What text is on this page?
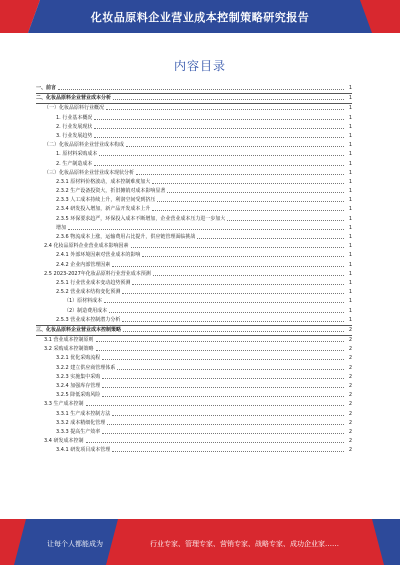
化妆品原料企业营业成本控制策略研究报告
内容目录
一、前言	1
二、化妆品原料企业营业成本分析	1
（一）化妆品原料行业概况	1
1. 行业基本概况	1
2. 行业发展现状	1
3. 行业发展趋势	1
（二）化妆品原料企业营业成本构成	1
1. 原材料采购成本	1
2. 生产制造成本	1
（三）化妆品原料企业营业成本现状分析	1
2.3.1 原材料价格波动，成本控制难度加大	1
2.3.2 生产设备投资大，折旧摊销对成本影响显著	1
2.3.3 人工成本持续上升，利润空间受到挤压	1
2.3.4 研发投入增加，新产品开发成本上升	1
2.3.5 环保要求趋严，环保投入成本不断增加，企业营业成本压力进一步加大	1
增加	1
2.3.6 物流成本上涨，运输费用占比提升，供应链管理面临挑战	1
2.4 化妆品原料企业营业成本影响因素	1
2.4.1 外部环境因素对营业成本的影响	1
2.4.2 企业内部管理因素	1
2.5 2023-2027年化妆品原料行业营业成本预测	1
2.5.1 行业营业成本变动趋势预测	1
2.5.2 营业成本结构变化预测	1
（1）原材料成本	1
（2）制造费用成本	1
2.5.3 营业成本控制潜力分析	1
三、化妆品原料企业营业成本控制策略	2
3.1 营业成本控制原则	2
3.2 采购成本控制策略	2
3.2.1 优化采购流程	2
3.2.2 建立供应商管理体系	2
3.2.3 实施集中采购	2
3.2.4 加强库存管理	2
3.2.5 降低采购风险	2
3.3 生产成本控制	2
3.3.1 生产成本控制方法	2
3.3.2 成本精细化管理	2
3.3.3 提高生产效率	2
3.4 研发成本控制	2
3.4.1 研发项目成本管理	2
让每个人都能成为	行业专家、管理专家、营销专家、战略专家、成功企业家……
